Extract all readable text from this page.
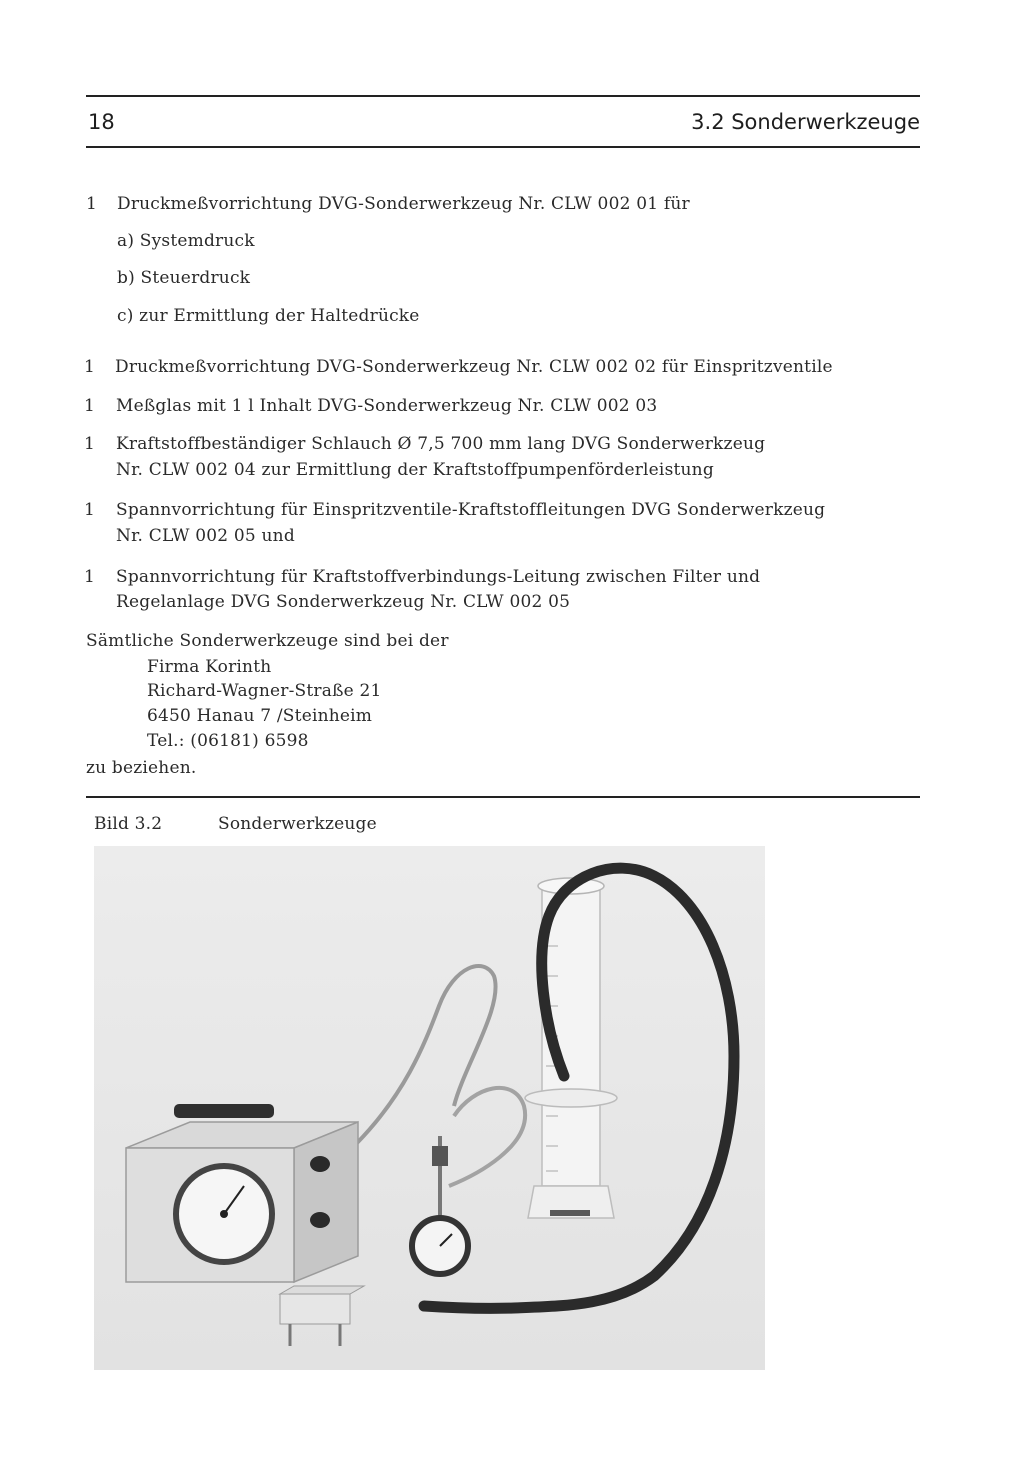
18	3.2 Sonderwerkzeuge
1	Druckmeßvorrichtung DVG-Sonderwerkzeug Nr. CLW 002 01 für
a) Systemdruck
b) Steuerdruck
c) zur Ermittlung der Haltedrücke
1	Druckmeßvorrichtung DVG-Sonderwerkzeug Nr. CLW 002 02 für Einspritzventile
1	Meßglas mit 1 l Inhalt DVG-Sonderwerkzeug Nr. CLW 002 03
1	Kraftstoffbeständiger Schlauch Ø 7,5 700 mm lang DVG Sonderwerkzeug
Nr. CLW 002 04 zur Ermittlung der Kraftstoffpumpenförderleistung
1	Spannvorrichtung für Einspritzventile-Kraftstoffleitungen DVG Sonderwerkzeug
Nr. CLW 002 05 und
1	Spannvorrichtung für Kraftstoffverbindungs-Leitung zwischen Filter und
Regelanlage DVG Sonderwerkzeug Nr. CLW 002 05
Sämtliche Sonderwerkzeuge sind bei der
Firma Korinth
Richard-Wagner-Straße 21
6450 Hanau 7 /Steinheim
Tel.: (06181) 6598
zu beziehen.
Bild 3.2	Sonderwerkzeuge
